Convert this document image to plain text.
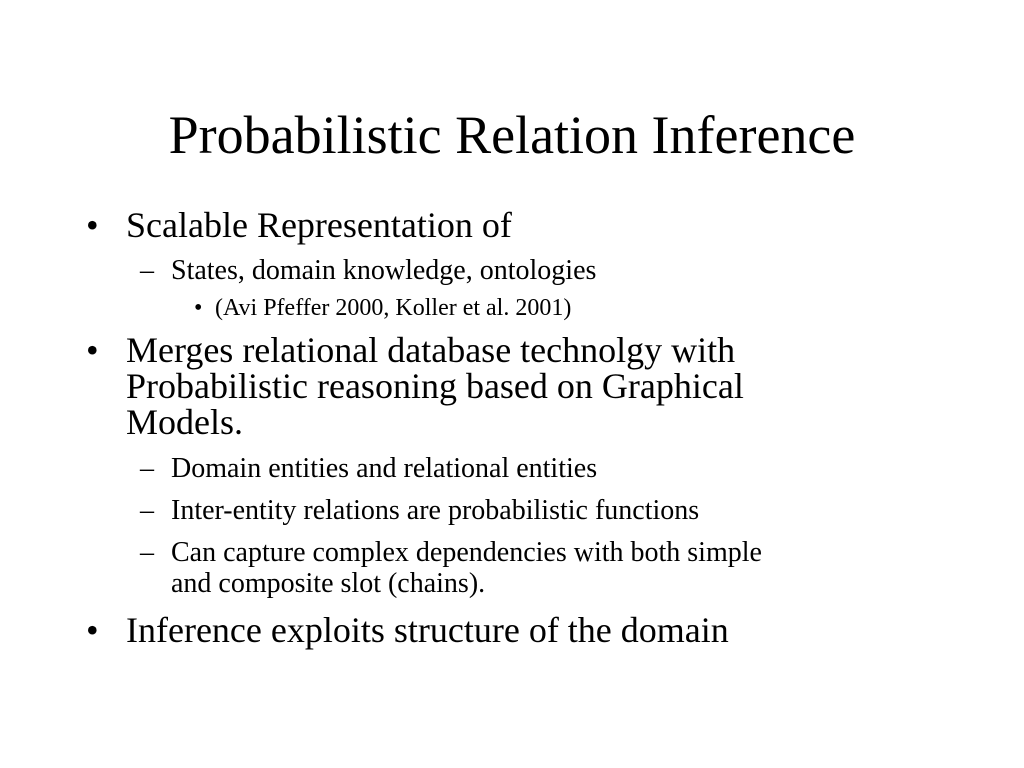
Probabilistic Relation Inference
• Scalable Representation of
– States, domain knowledge, ontologies
• (Avi Pfeffer 2000, Koller et al. 2001)
• Merges relational database technolgy with
Probabilistic reasoning based on Graphical
Models.
– Domain entities and relational entities
– Inter-entity relations are probabilistic functions
– Can capture complex dependencies with both simple
and composite slot (chains).
• Inference exploits structure of the domain
